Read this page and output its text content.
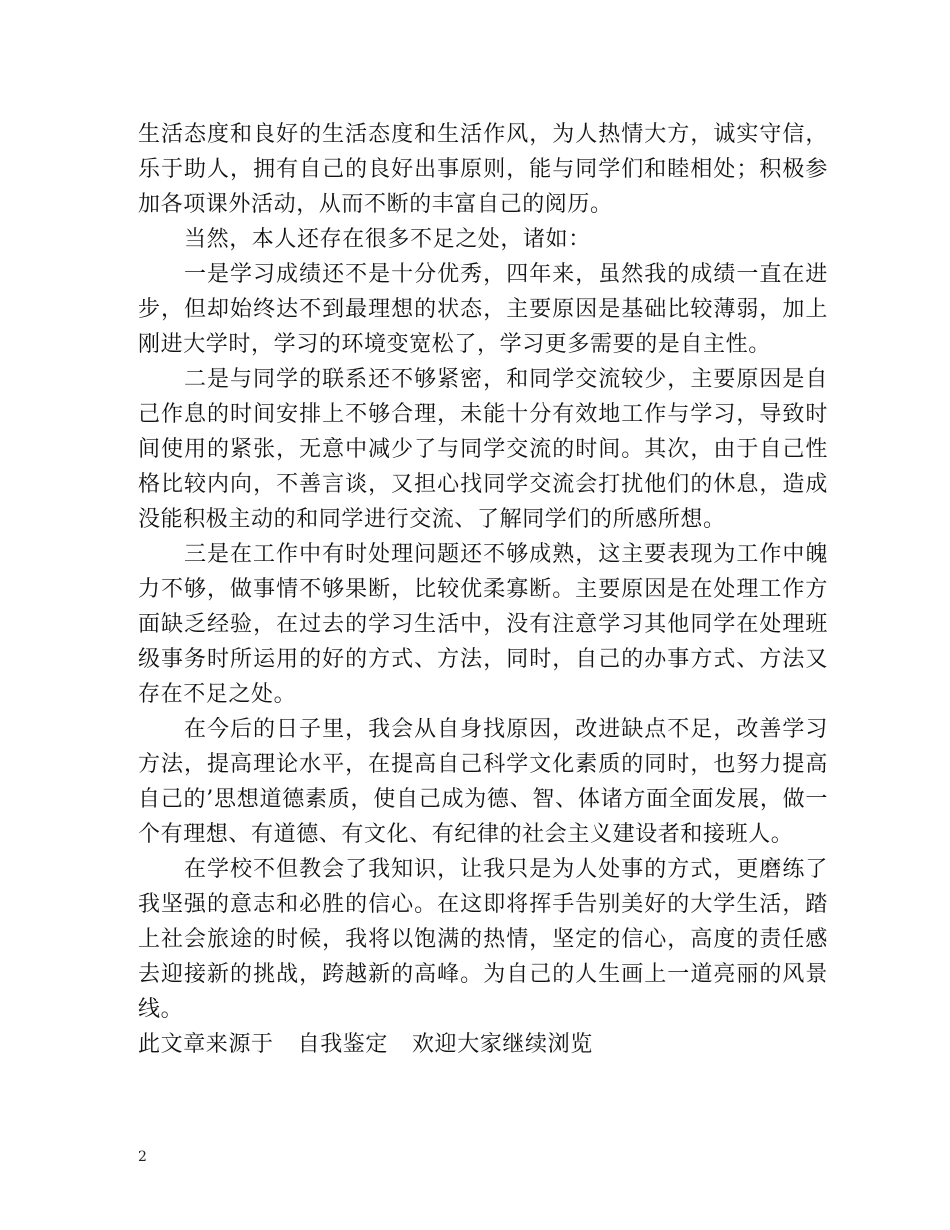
生活态度和良好的生活态度和生活作风，为人热情大方，诚实守信，乐于助人，拥有自己的良好出事原则，能与同学们和睦相处；积极参加各项课外活动，从而不断的丰富自己的阅历。

当然，本人还存在很多不足之处，诸如：

一是学习成绩还不是十分优秀，四年来，虽然我的成绩一直在进步，但却始终达不到最理想的状态，主要原因是基础比较薄弱，加上刚进大学时，学习的环境变宽松了，学习更多需要的是自主性。

二是与同学的联系还不够紧密，和同学交流较少，主要原因是自己作息的时间安排上不够合理，未能十分有效地工作与学习，导致时间使用的紧张，无意中减少了与同学交流的时间。其次，由于自己性格比较内向，不善言谈，又担心找同学交流会打扰他们的休息，造成没能积极主动的和同学进行交流、了解同学们的所感所想。

三是在工作中有时处理问题还不够成熟，这主要表现为工作中魄力不够，做事情不够果断，比较优柔寡断。主要原因是在处理工作方面缺乏经验，在过去的学习生活中，没有注意学习其他同学在处理班级事务时所运用的好的方式、方法，同时，自己的办事方式、方法又存在不足之处。

在今后的日子里，我会从自身找原因，改进缺点不足，改善学习方法，提高理论水平，在提高自己科学文化素质的同时，也努力提高自己的’思想道德素质，使自己成为德、智、体诸方面全面发展，做一个有理想、有道德、有文化、有纪律的社会主义建设者和接班人。

在学校不但教会了我知识，让我只是为人处事的方式，更磨练了我坚强的意志和必胜的信心。在这即将挥手告别美好的大学生活，踏上社会旅途的时候，我将以饱满的热情，坚定的信心，高度的责任感去迎接新的挑战，跨越新的高峰。为自己的人生画上一道亮丽的风景线。

此文章来源于 自我鉴定 欢迎大家继续浏览

2
